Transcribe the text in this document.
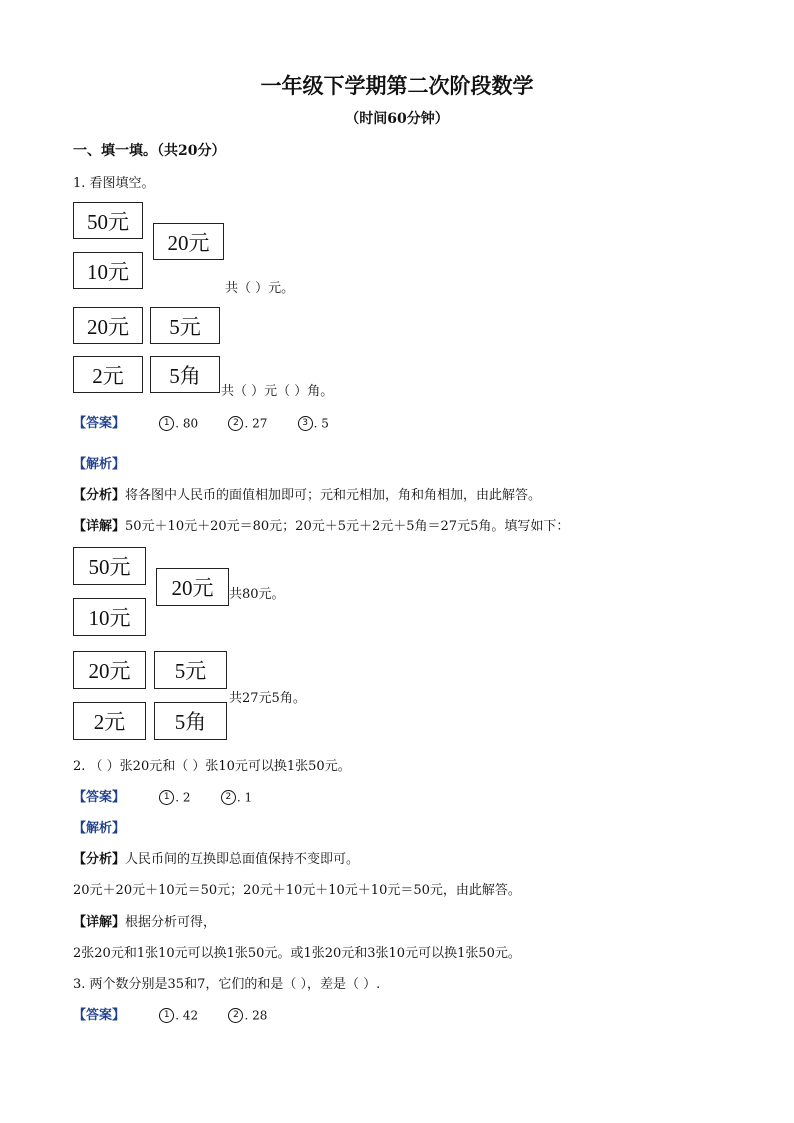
一年级下学期第二次阶段数学
（时间60分钟）
一、填一填。（共20分）
1. 看图填空。
50元
10元
20元
共（ ）元。
20元	5元
2元	5角
共（ ）元（ ）角。
【答案】	1 . 80	2 . 27	3 . 5
【解析】
【分析】将各图中人民币的面值相加即可；元和元相加，角和角相加，由此解答。
【详解】50元＋10元＋20元＝80元；20元＋5元＋2元＋5角＝27元5角。填写如下：
50元
10元
20元	共80元。
20元	5元
2元	5角
共27元5角。
2. （ ）张20元和（ ）张10元可以换1张50元。
【答案】	1 . 2	2 . 1
【解析】
【分析】人民币间的互换即总面值保持不变即可。
20元＋20元＋10元＝50元；20元＋10元＋10元＋10元＝50元，由此解答。
【详解】根据分析可得，
2张20元和1张10元可以换1张50元。或1张20元和3张10元可以换1张50元。
3. 两个数分别是35和7，它们的和是（ ），差是（ ）.
【答案】	1 . 42	2 . 28
